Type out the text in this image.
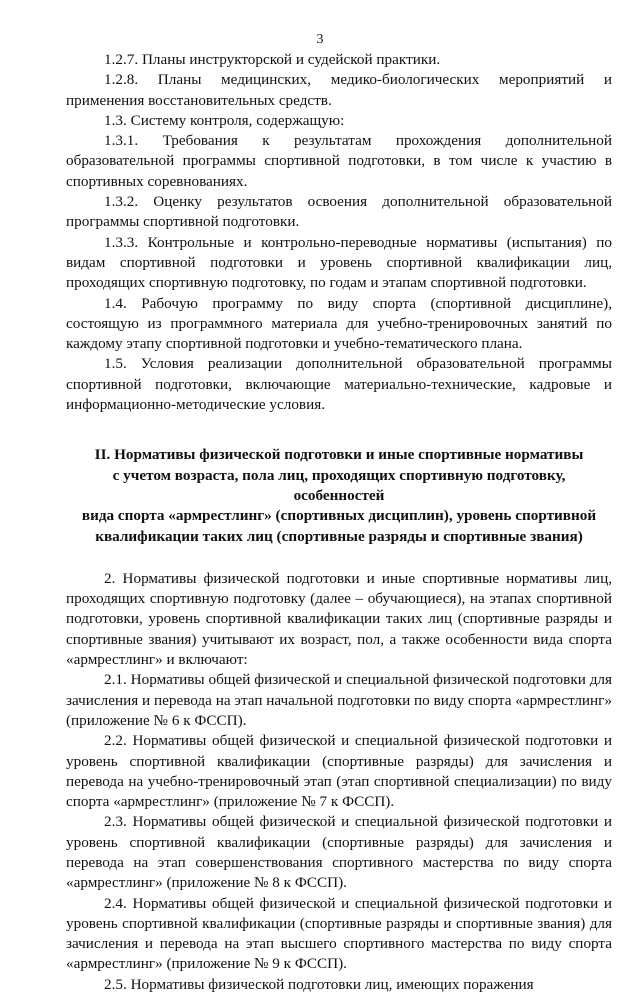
3

1.2.7. Планы инструкторской и судейской практики.

1.2.8. Планы медицинских, медико-биологических мероприятий и применения восстановительных средств.

1.3. Систему контроля, содержащую:

1.3.1. Требования к результатам прохождения дополнительной образовательной программы спортивной подготовки, в том числе к участию в спортивных соревнованиях.

1.3.2. Оценку результатов освоения дополнительной образовательной программы спортивной подготовки.

1.3.3. Контрольные и контрольно-переводные нормативы (испытания) по видам спортивной подготовки и уровень спортивной квалификации лиц, проходящих спортивную подготовку, по годам и этапам спортивной подготовки.

1.4. Рабочую программу по виду спорта (спортивной дисциплине), состоящую из программного материала для учебно-тренировочных занятий по каждому этапу спортивной подготовки и учебно-тематического плана.

1.5. Условия реализации дополнительной образовательной программы спортивной подготовки, включающие материально-технические, кадровые и информационно-методические условия.

II. Нормативы физической подготовки и иные спортивные нормативы
с учетом возраста, пола лиц, проходящих спортивную подготовку, особенностей
вида спорта «армрестлинг» (спортивных дисциплин), уровень спортивной
квалификации таких лиц (спортивные разряды и спортивные звания)

2. Нормативы физической подготовки и иные спортивные нормативы лиц, проходящих спортивную подготовку (далее – обучающиеся), на этапах спортивной подготовки, уровень спортивной квалификации таких лиц (спортивные разряды и спортивные звания) учитывают их возраст, пол, а также особенности вида спорта «армрестлинг» и включают:

2.1. Нормативы общей физической и специальной физической подготовки для зачисления и перевода на этап начальной подготовки по виду спорта «армрестлинг» (приложение № 6 к ФССП).

2.2. Нормативы общей физической и специальной физической подготовки и уровень спортивной квалификации (спортивные разряды) для зачисления и перевода на учебно-тренировочный этап (этап спортивной специализации) по виду спорта «армрестлинг» (приложение № 7 к ФССП).

2.3. Нормативы общей физической и специальной физической подготовки и уровень спортивной квалификации (спортивные разряды) для зачисления и перевода на этап совершенствования спортивного мастерства по виду спорта «армрестлинг» (приложение № 8 к ФССП).

2.4. Нормативы общей физической и специальной физической подготовки и уровень спортивной квалификации (спортивные разряды и спортивные звания) для зачисления и перевода на этап высшего спортивного мастерства по виду спорта «армрестлинг» (приложение № 9 к ФССП).

2.5. Нормативы физической подготовки лиц, имеющих поражения
